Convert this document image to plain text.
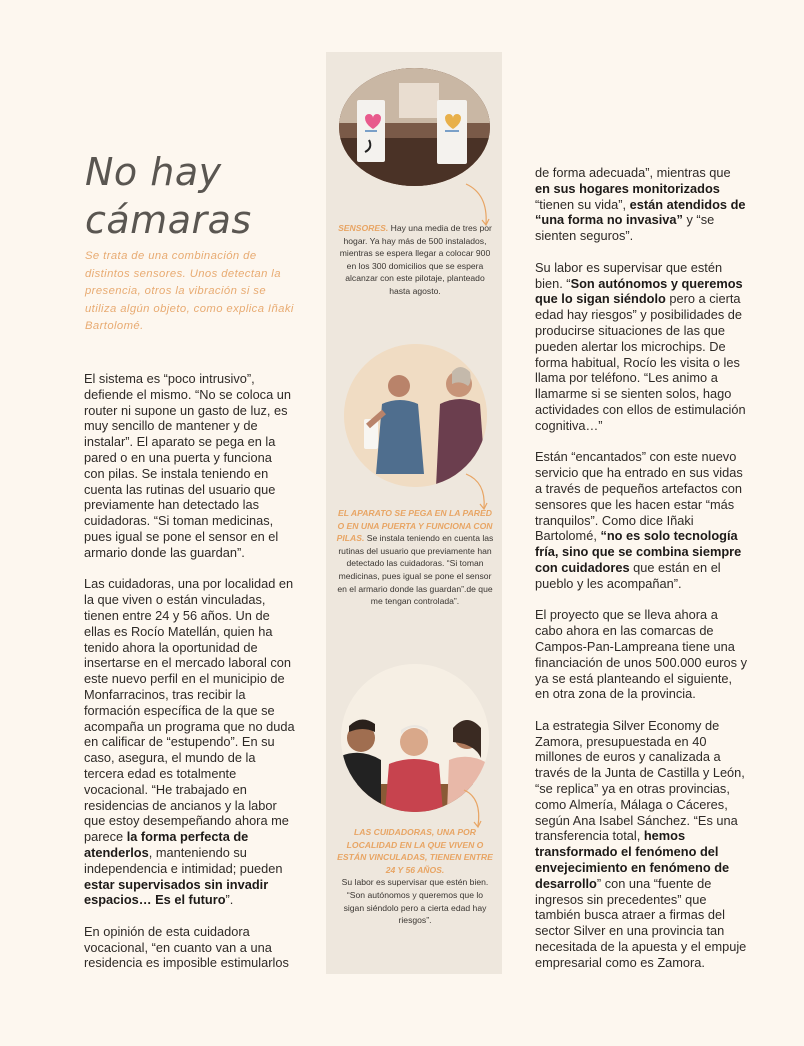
No hay
cámaras
Se trata de una combinación de distintos sensores. Unos detectan la presencia, otros la vibración si se utiliza algún objeto, como explica Iñaki Bartolomé.

El sistema es “poco intrusivo”, defiende el mismo. “No se coloca un router ni supone un gasto de luz, es muy sencillo de mantener y de instalar”. El aparato se pega en la pared o en una puerta y funciona con pilas. Se instala teniendo en cuenta las rutinas del usuario que previamente han detectado las cuidadoras. “Si toman medicinas, pues igual se pone el sensor en el armario donde las guardan”.

Las cuidadoras, una por localidad en la que viven o están vinculadas, tienen entre 24 y 56 años. Un de ellas es Rocío Matellán, quien ha tenido ahora la oportunidad de insertarse en el mercado laboral con este nuevo perfil en el municipio de Monfarracinos, tras recibir la formación específica de la que se acompaña un programa que no duda en calificar de “estupendo”. En su caso, asegura, el mundo de la tercera edad es totalmente vocacional. “He trabajado en residencias de ancianos y la labor que estoy desempeñando ahora me parece la forma perfecta de atenderlos, manteniendo su independencia e intimidad; pueden estar supervisados sin invadir espacios… Es el futuro”.

En opinión de esta cuidadora vocacional, “en cuanto van a una residencia es imposible estimularlos

SENSORES. Hay una media de tres por hogar. Ya hay más de 500 instalados, mientras se espera llegar a colocar 900 en los 300 domicilios que se espera alcanzar con este pilotaje, planteado hasta agosto.
EL APARATO SE PEGA EN LA PARED O EN UNA PUERTA Y FUNCIONA CON PILAS. Se instala teniendo en cuenta las rutinas del usuario que previamente han detectado las cuidadoras. “Si toman medicinas, pues igual se pone el sensor en el armario donde las guardan”.de que me tengan controlada”.
LAS CUIDADORAS, UNA POR LOCALIDAD EN LA QUE VIVEN O ESTÁN VINCULADAS, TIENEN ENTRE 24 Y 56 AÑOS.
Su labor es supervisar que estén bien. “Son autónomos y queremos que lo sigan siéndolo pero a cierta edad hay riesgos”.

de forma adecuada”, mientras que en sus hogares monitorizados “tienen su vida”, están atendidos de “una forma no invasiva” y “se sienten seguros”.

Su labor es supervisar que estén bien. “Son autónomos y queremos que lo sigan siéndolo pero a cierta edad hay riesgos” y posibilidades de producirse situaciones de las que pueden alertar los microchips. De forma habitual, Rocío les visita o les llama por teléfono. “Les animo a llamarme si se sienten solos, hago actividades con ellos de estimulación cognitiva…”

Están “encantados” con este nuevo servicio que ha entrado en sus vidas a través de pequeños artefactos con sensores que les hacen estar “más tranquilos”. Como dice Iñaki Bartolomé, “no es solo tecnología fría, sino que se combina siempre con cuidadores que están en el pueblo y les acompañan”.

El proyecto que se lleva ahora a cabo ahora en las comarcas de Campos-Pan-Lampreana tiene una financiación de unos 500.000 euros y ya se está planteando el siguiente, en otra zona de la provincia.

La estrategia Silver Economy de Zamora, presupuestada en 40 millones de euros y canalizada a través de la Junta de Castilla y León, “se replica” ya en otras provincias, como Almería, Málaga o Cáceres, según Ana Isabel Sánchez. “Es una transferencia total, hemos transformado el fenómeno del envejecimiento en fenómeno de desarrollo” con una “fuente de ingresos sin precedentes” que también busca atraer a firmas del sector Silver en una provincia tan necesitada de la apuesta y el empuje empresarial como es Zamora.
